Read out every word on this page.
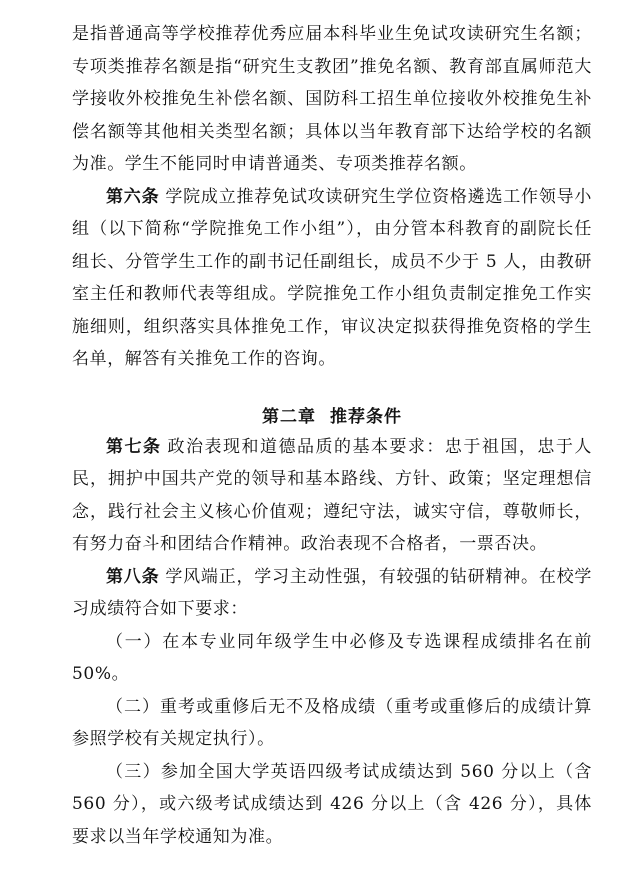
是指普通高等学校推荐优秀应届本科毕业生免试攻读研究生名额；专项类推荐名额是指“研究生支教团”推免名额、教育部直属师范大学接收外校推免生补偿名额、国防科工招生单位接收外校推免生补偿名额等其他相关类型名额；具体以当年教育部下达给学校的名额为准。学生不能同时申请普通类、专项类推荐名额。

第六条 学院成立推荐免试攻读研究生学位资格遴选工作领导小组（以下简称“学院推免工作小组”），由分管本科教育的副院长任组长、分管学生工作的副书记任副组长，成员不少于 5 人，由教研室主任和教师代表等组成。学院推免工作小组负责制定推免工作实施细则，组织落实具体推免工作，审议决定拟获得推免资格的学生名单，解答有关推免工作的咨询。

第二章 推荐条件

第七条 政治表现和道德品质的基本要求：忠于祖国，忠于人民，拥护中国共产党的领导和基本路线、方针、政策；坚定理想信念，践行社会主义核心价值观；遵纪守法，诚实守信，尊敬师长，有努力奋斗和团结合作精神。政治表现不合格者，一票否决。

第八条 学风端正，学习主动性强，有较强的钻研精神。在校学习成绩符合如下要求：

（一）在本专业同年级学生中必修及专选课程成绩排名在前50%。

（二）重考或重修后无不及格成绩（重考或重修后的成绩计算参照学校有关规定执行）。

（三）参加全国大学英语四级考试成绩达到 560 分以上（含 560 分），或六级考试成绩达到 426 分以上（含 426 分），具体要求以当年学校通知为准。
